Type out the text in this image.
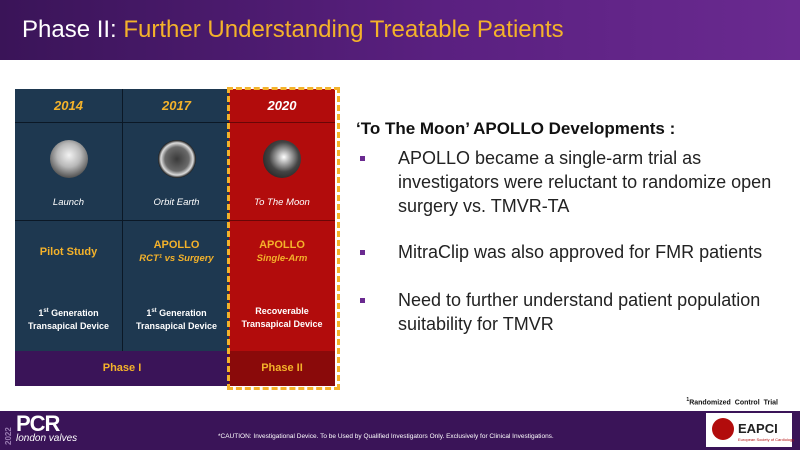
Phase II: Further Understanding Treatable Patients
2014
Launch
Pilot Study
1st Generation
Transapical Device
2017
Orbit Earth
APOLLO
RCT¹ vs Surgery
1st Generation
Transapical Device
2020
To The Moon
APOLLO
Single-Arm
Recoverable
Transapical Device
Phase I	Phase II
‘To The Moon’ APOLLO Developments :
APOLLO became a single-arm trial as investigators were reluctant to randomize open surgery vs. TMVR-TA
MitraClip was also approved for FMR patients
Need to further understand patient population suitability for TMVR
$^1$Randomized Control Trial
2022
PCR
london valves	*CAUTION: Investigational Device. To be Used by Qualified Investigators Only. Exclusively for Clinical Investigations.
EAPCI
European Society of Cardiology
